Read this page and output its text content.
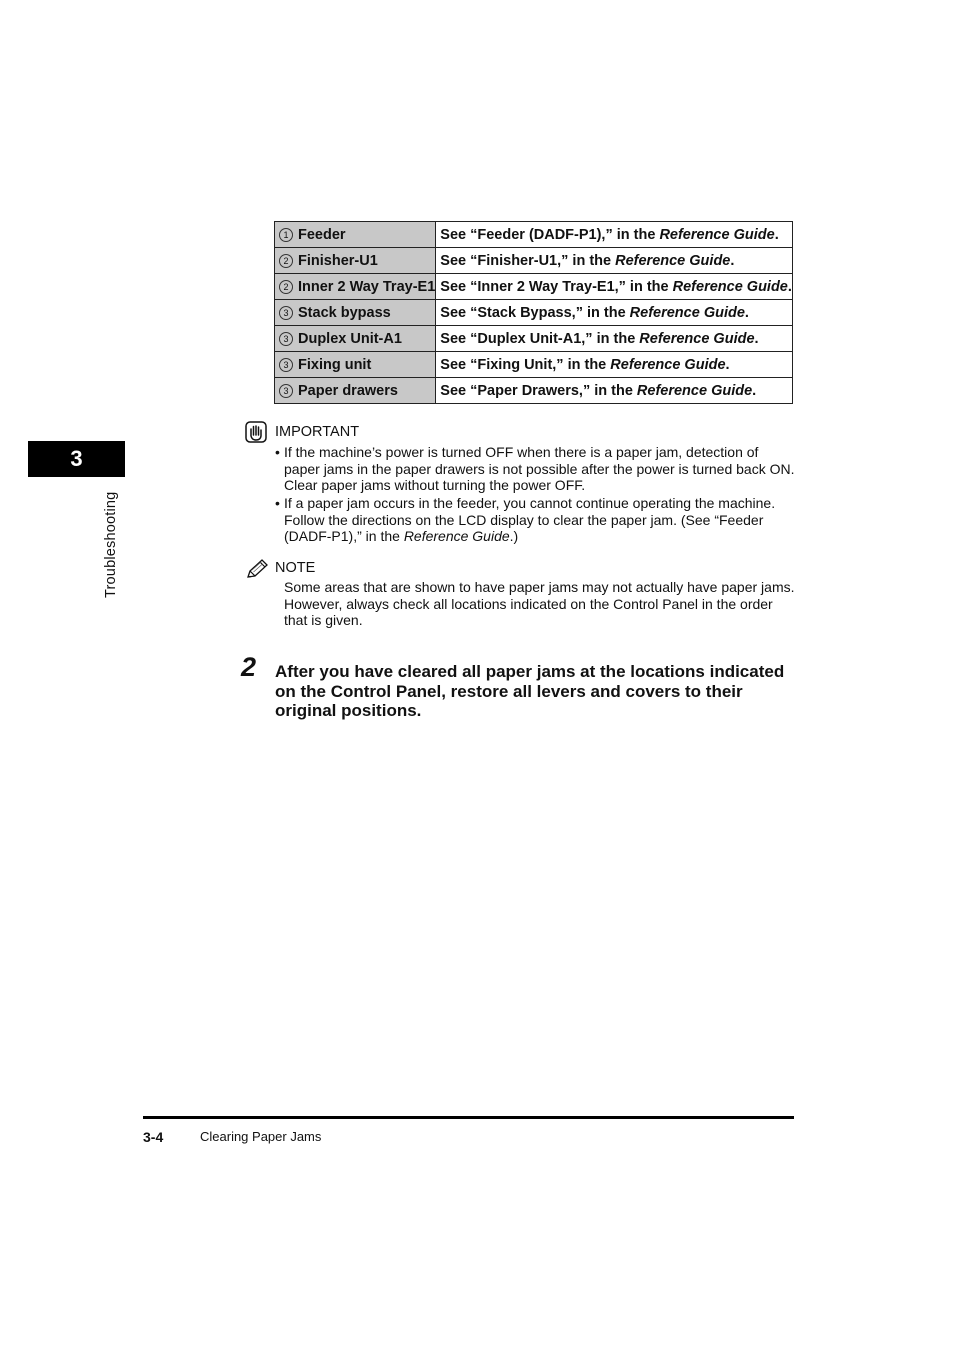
1 Feeder	See “Feeder (DADF-P1),” in the Reference Guide.
2 Finisher-U1	See “Finisher-U1,” in the Reference Guide.
2 Inner 2 Way Tray-E1	See “Inner 2 Way Tray-E1,” in the Reference Guide.
3 Stack bypass	See “Stack Bypass,” in the Reference Guide.
3 Duplex Unit-A1	See “Duplex Unit-A1,” in the Reference Guide.
3 Fixing unit	See “Fixing Unit,” in the Reference Guide.
3 Paper drawers	See “Paper Drawers,” in the Reference Guide.
3
Troubleshooting
IMPORTANT
• If the machine’s power is turned OFF when there is a paper jam, detection of paper jams in the paper drawers is not possible after the power is turned back ON. Clear paper jams without turning the power OFF.
• If a paper jam occurs in the feeder, you cannot continue operating the machine. Follow the directions on the LCD display to clear the paper jam. (See “Feeder (DADF-P1),” in the Reference Guide.)
NOTE
Some areas that are shown to have paper jams may not actually have paper jams. However, always check all locations indicated on the Control Panel in the order that is given.
2 After you have cleared all paper jams at the locations indicated on the Control Panel, restore all levers and covers to their original positions.
3-4	Clearing Paper Jams
